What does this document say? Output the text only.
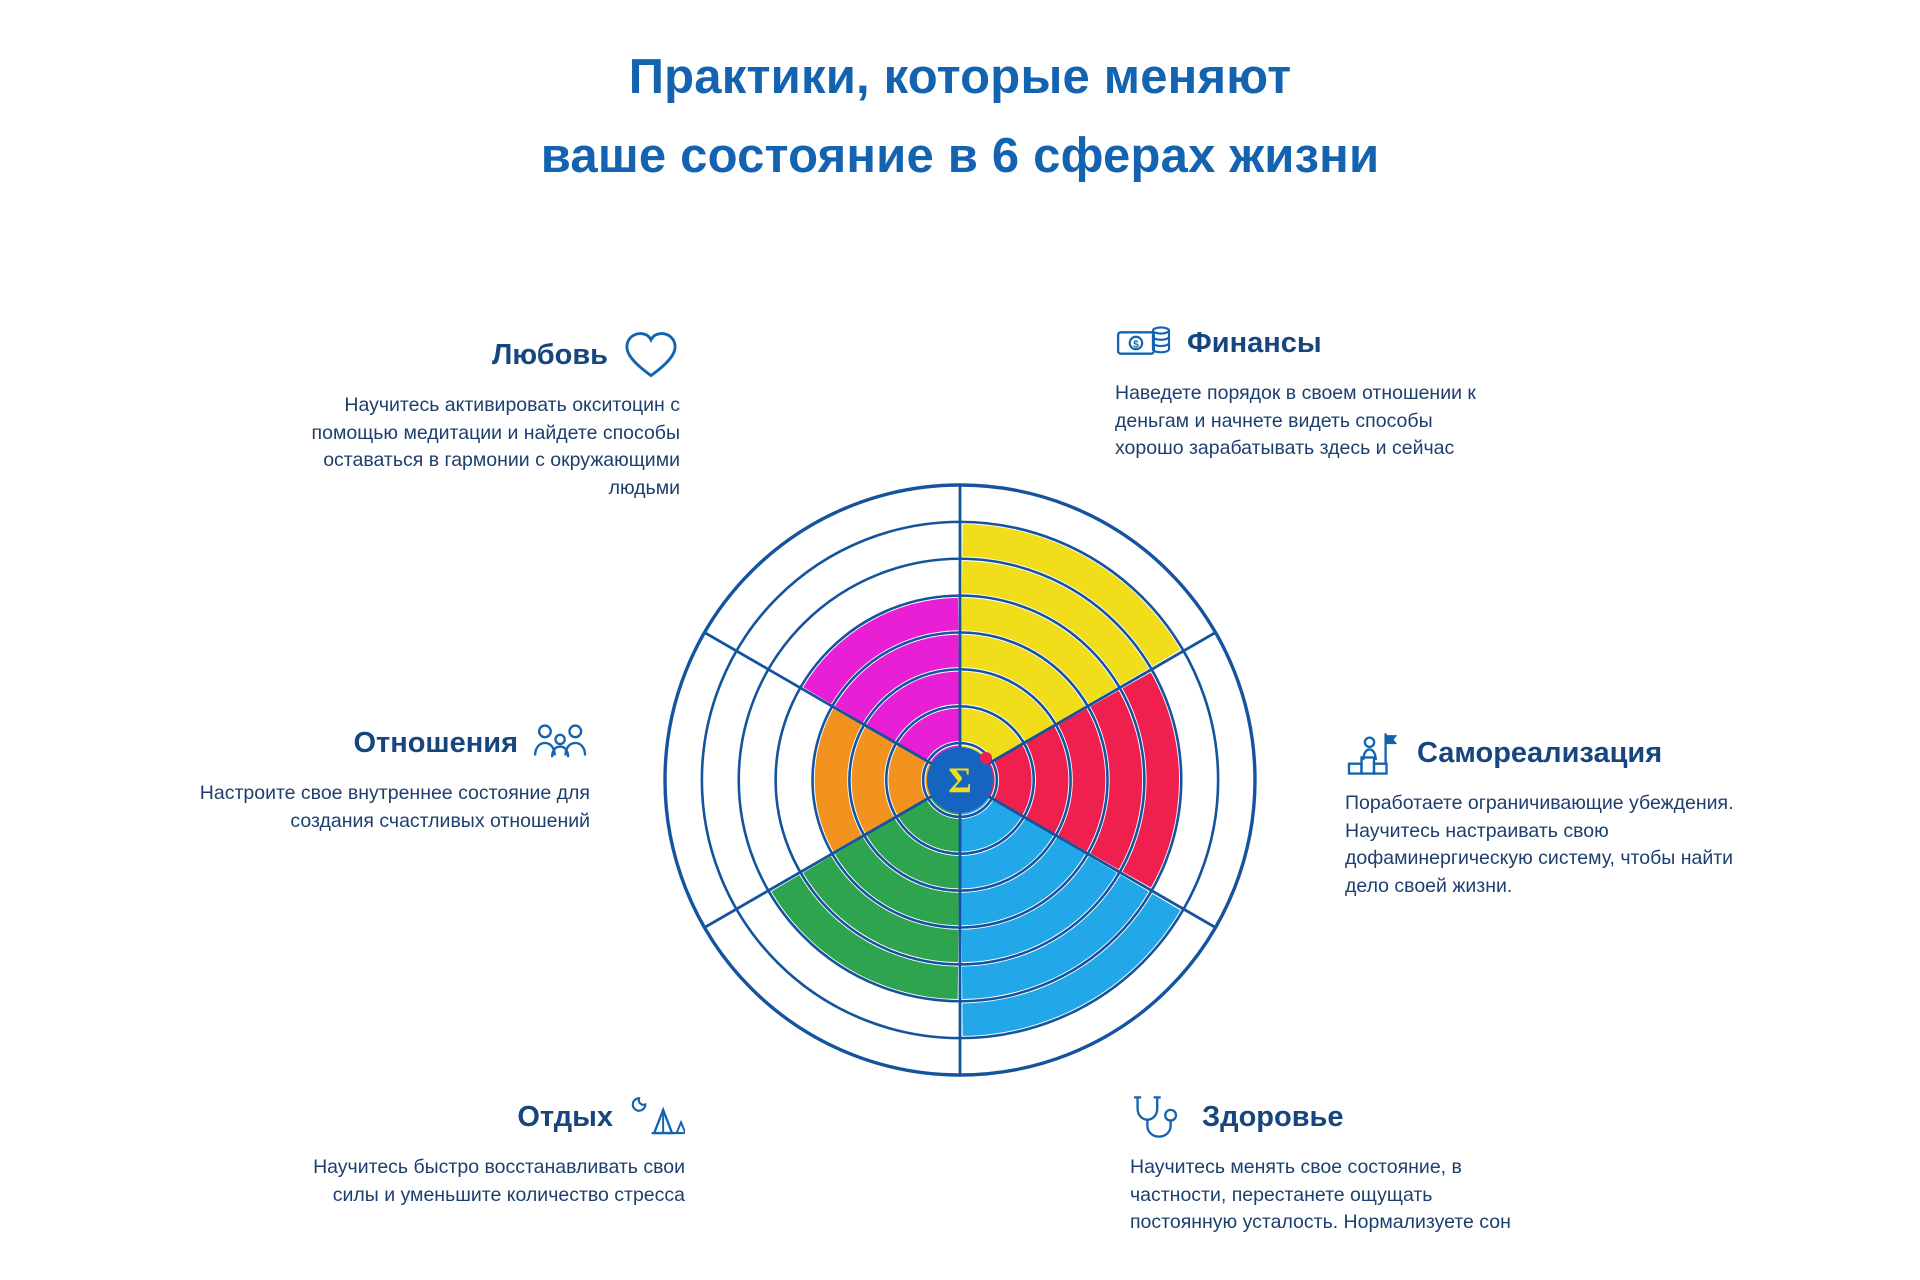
Практики, которые меняют
ваше состояние в 6 сферах жизни
Σ
Любовь
Научитесь активировать окситоцин с помощью медитации и найдете способы оставаться в гармонии с окружающими людьми
$ Финансы
Наведете порядок в своем отношении к деньгам и начнете видеть способы хорошо зарабатывать здесь и сейчас
Отношения
Настроите свое внутреннее состояние для создания счастливых отношений
Самореализация
Поработаете ограничивающие убеждения. Научитесь настраивать свою дофаминергическую систему, чтобы найти дело своей жизни.
Отдых
Научитесь быстро восстанавливать свои силы и уменьшите количество стресса
Здоровье
Научитесь менять свое состояние, в частности, перестанете ощущать постоянную усталость. Нормализуете сон
